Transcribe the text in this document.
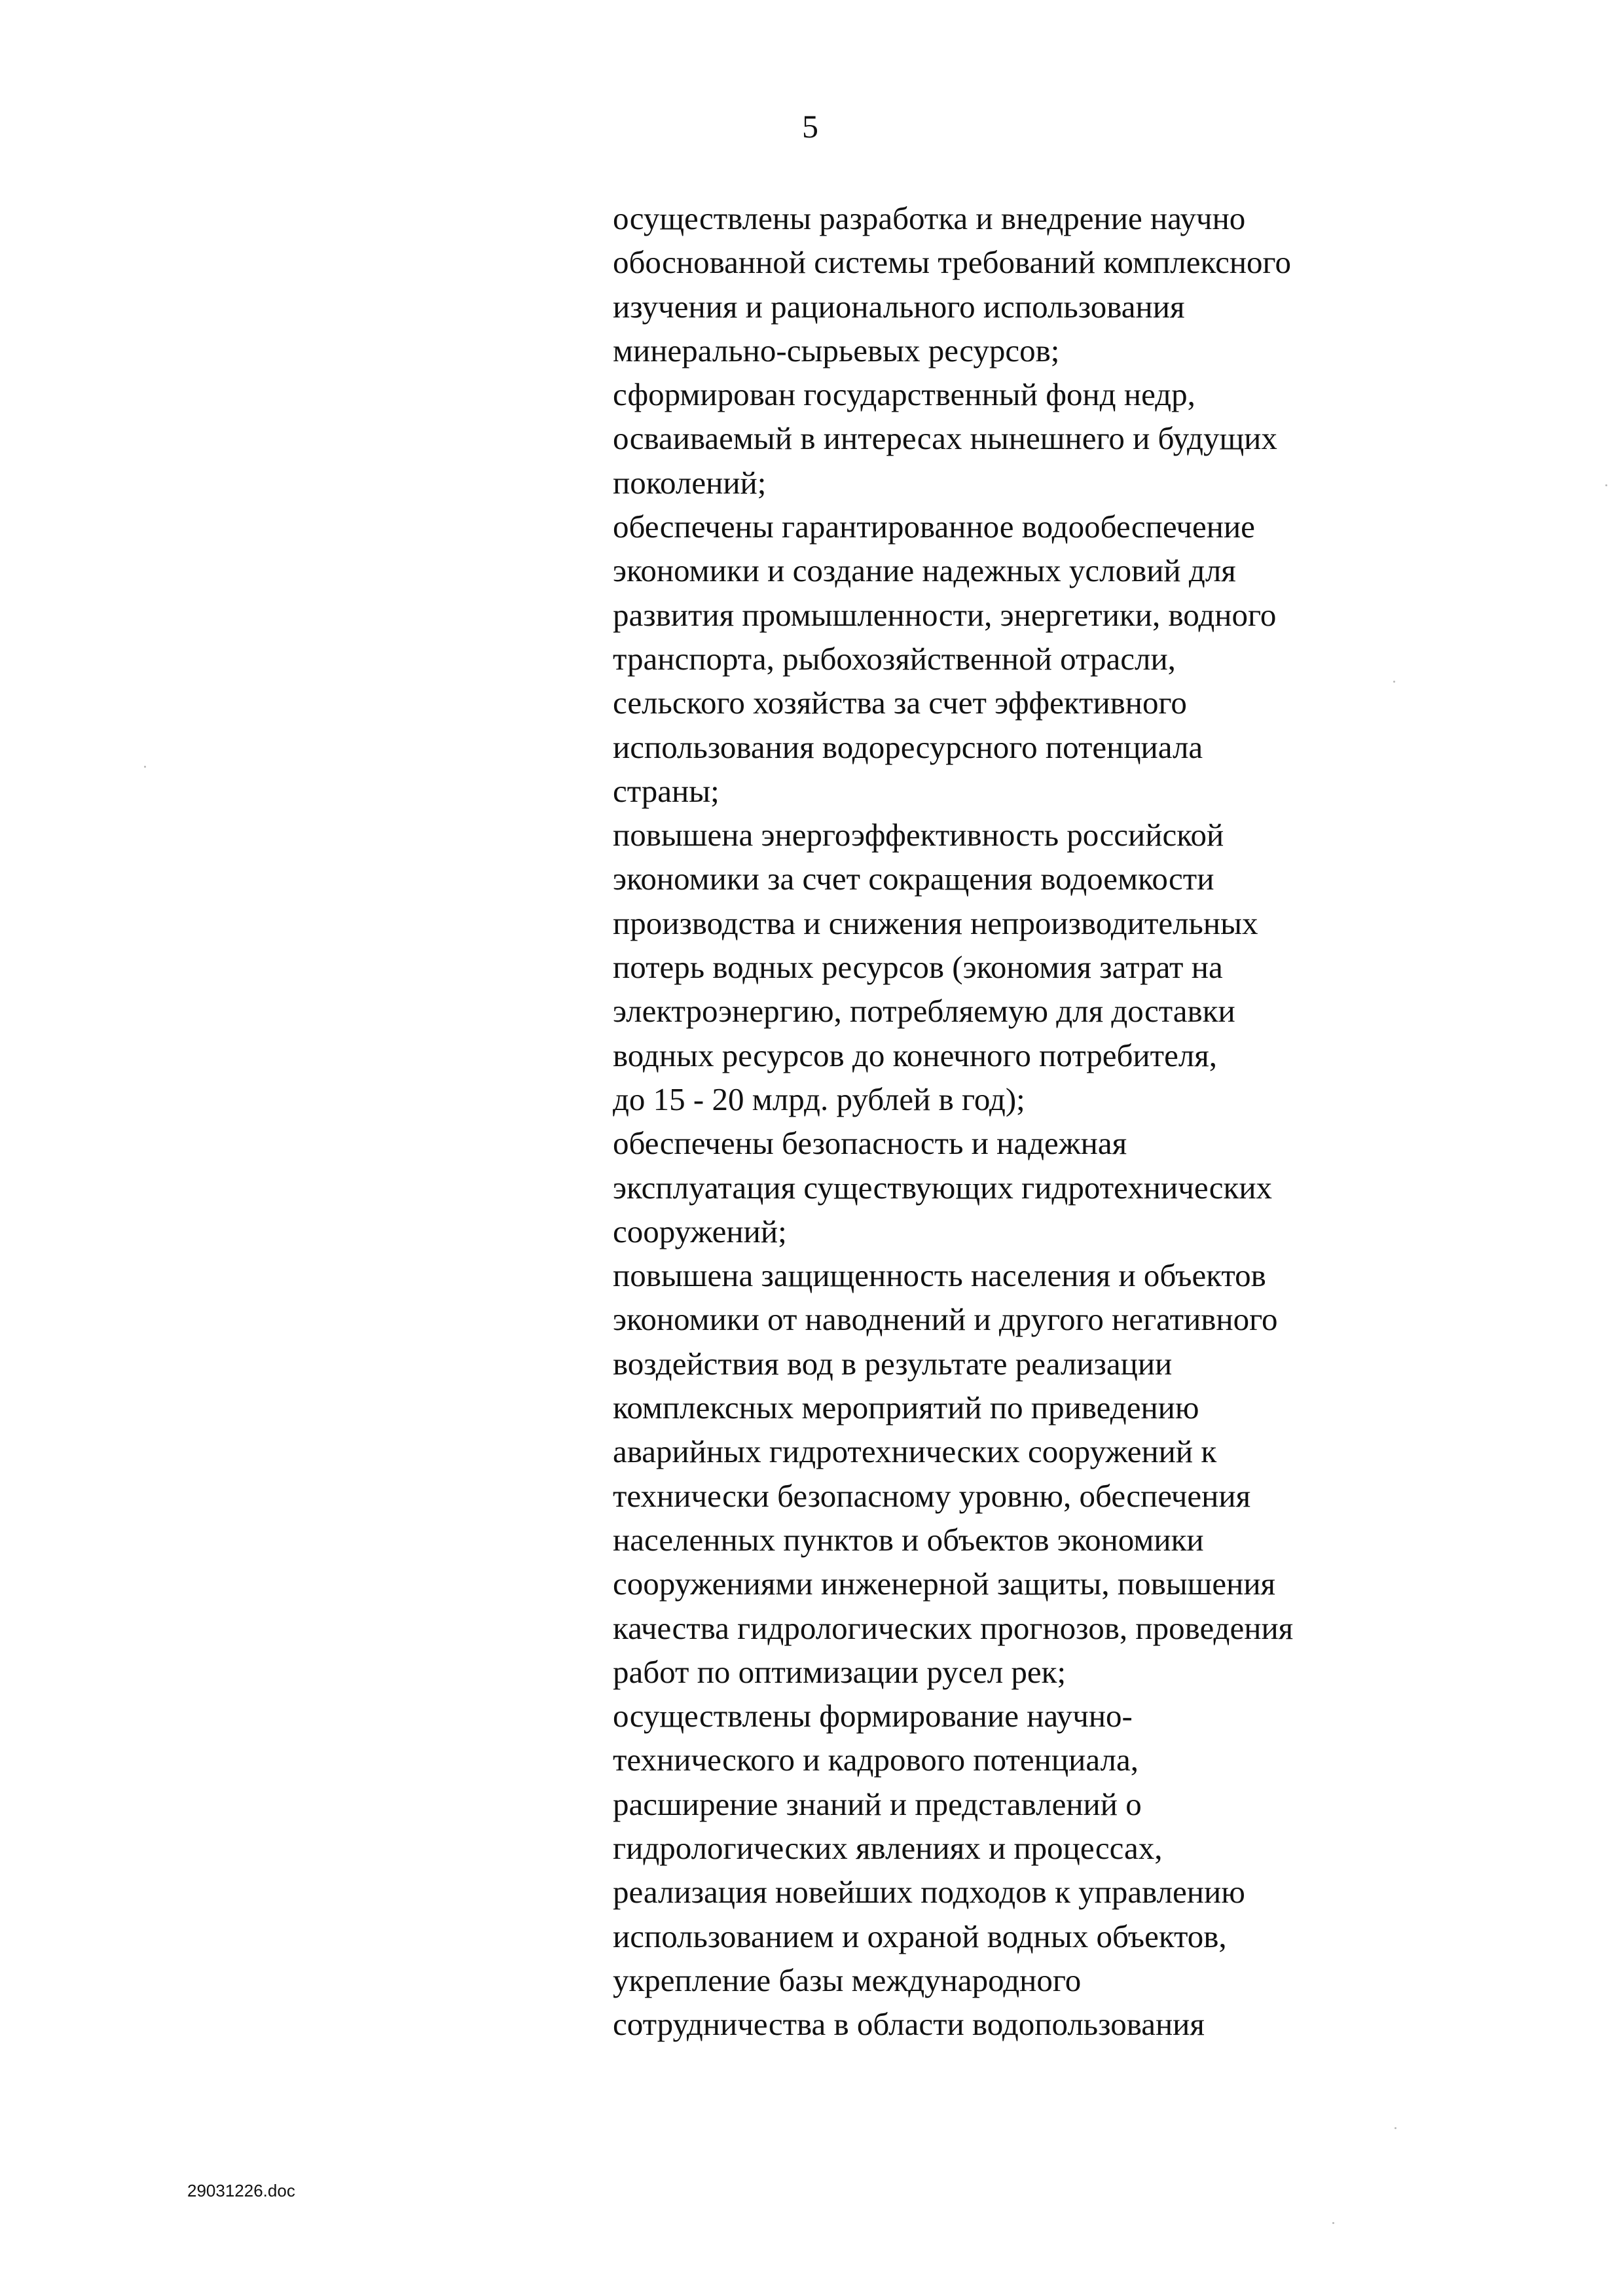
5

осуществлены разработка и внедрение научно
обоснованной системы требований комплексного
изучения и рационального использования
минерально-сырьевых ресурсов;
сформирован государственный фонд недр,
осваиваемый в интересах нынешнего и будущих
поколений;
обеспечены гарантированное водообеспечение
экономики и создание надежных условий для
развития промышленности, энергетики, водного
транспорта, рыбохозяйственной отрасли,
сельского хозяйства за счет эффективного
использования водоресурсного потенциала
страны;
повышена энергоэффективность российской
экономики за счет сокращения водоемкости
производства и снижения непроизводительных
потерь водных ресурсов (экономия затрат на
электроэнергию, потребляемую для доставки
водных ресурсов до конечного потребителя,
до 15 - 20 млрд. рублей в год);
обеспечены безопасность и надежная
эксплуатация существующих гидротехнических
сооружений;
повышена защищенность населения и объектов
экономики от наводнений и другого негативного
воздействия вод в результате реализации
комплексных мероприятий по приведению
аварийных гидротехнических сооружений к
технически безопасному уровню, обеспечения
населенных пунктов и объектов экономики
сооружениями инженерной защиты, повышения
качества гидрологических прогнозов, проведения
работ по оптимизации русел рек;
осуществлены формирование научно-
технического и кадрового потенциала,
расширение знаний и представлений о
гидрологических явлениях и процессах,
реализация новейших подходов к управлению
использованием и охраной водных объектов,
укрепление базы международного
сотрудничества в области водопользования

29031226.doc
